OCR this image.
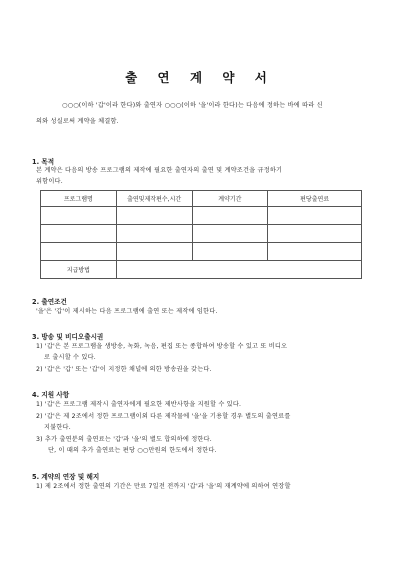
출 연 계 약 서
○○○(이하 '갑'이라 한다)와 출연자 ○○○(이하 '을'이라 한다)는 다음에 정하는 바에 따라 신
의와 성실로써 계약을 체결함.
1. 목적
본 계약은 다음의 방송 프로그램의 제작에 필요한 출연자의 출연 및 계약조건을 규정하기
위함이다.
프로그램명	출연및제작편수,시간	계약기간	편당출연료

지급방법			
2. 출연조건
'을'은 '갑'이 제시하는 다음 프로그램에 출연 또는 제작에 임한다.
3. 방송 및 비디오출시권
1) '갑'은 본 프로그램을 생방송, 녹화, 녹음, 편집 또는 종합하여 방송할 수 있고 또 비디오
로 출시할 수 있다.
2) '갑'은 '갑' 또는 '갑'이 지정한 채널에 의한 방송권을 갖는다.
4. 지원 사항
1) '갑'은 프로그램 제작시 출연자에게 필요한 제반사항을 지원할 수 있다.
2) '갑'은 제 2조에서 정한 프로그램이외 다른 제작물에 '을'을 기용할 경우 별도의 출연료를
지불한다.
3) 추가 출연분의 출연료는 '갑'과 '을'의 별도 합의하에 정한다.
단, 이 때의 추가 출연료는 편당 ○○만원의 한도에서 정한다.
5. 계약의 연장 및 해지
1) 제 2조에서 정한 출연의 기간은 만료 7일전 전까지 '갑'과 '을'의 재계약에 의하여 연장할
